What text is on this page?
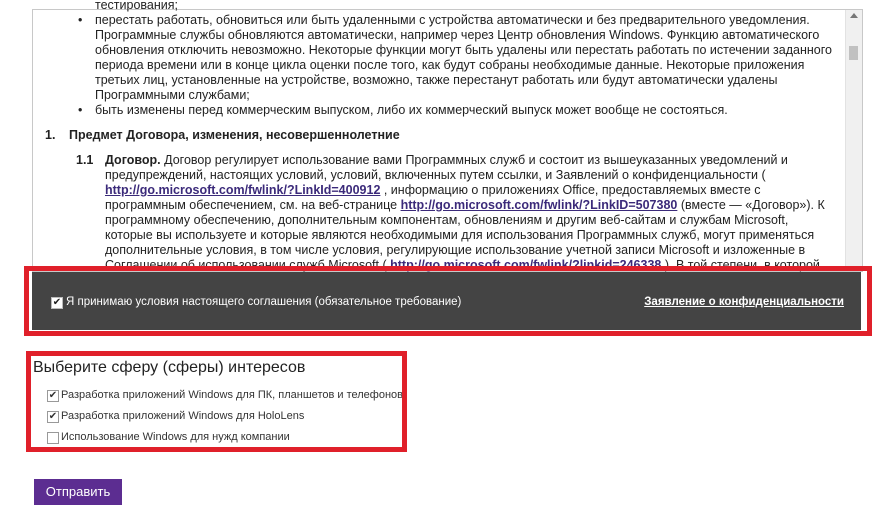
тестирования;
• перестать работать, обновиться или быть удаленными с устройства автоматически и без предварительного уведомления. Программные службы обновляются автоматически, например через Центр обновления Windows. Функцию автоматического обновления отключить невозможно. Некоторые функции могут быть удалены или перестать работать по истечении заданного периода времени или в конце цикла оценки после того, как будут собраны необходимые данные. Некоторые приложения третьих лиц, установленные на устройстве, возможно, также перестанут работать или будут автоматически удалены Программными службами;
• быть изменены перед коммерческим выпуском, либо их коммерческий выпуск может вообще не состояться.
1. Предмет Договора, изменения, несовершеннолетние
1.1 Договор. Договор регулирует использование вами Программных служб и состоит из вышеуказанных уведомлений и предупреждений, настоящих условий, условий, включенных путем ссылки, и Заявлений о конфиденциальности ( http://go.microsoft.com/fwlink/?LinkId=400912 , информацию о приложениях Office, предоставляемых вместе с программным обеспечением, см. на веб-странице http://go.microsoft.com/fwlink/?LinkID=507380 (вместе — «Договор»). К программному обеспечению, дополнительным компонентам, обновлениям и другим веб-сайтам и службам Microsoft, которые вы используете и которые являются необходимыми для использования Программных служб, могут применяться дополнительные условия, в том числе условия, регулирующие использование учетной записи Microsoft и изложенные в Соглашении об использовании служб Microsoft ( http://go.microsoft.com/fwlink/?linkid=246338 ). В той степени, в которой
✔ Я принимаю условия настоящего соглашения (обязательное требование)	Заявление о конфиденциальности
Выберите сферу (сферы) интересов
✔ Разработка приложений Windows для ПК, планшетов и телефонов
✔ Разработка приложений Windows для HoloLens
Использование Windows для нужд компании
Отправить
